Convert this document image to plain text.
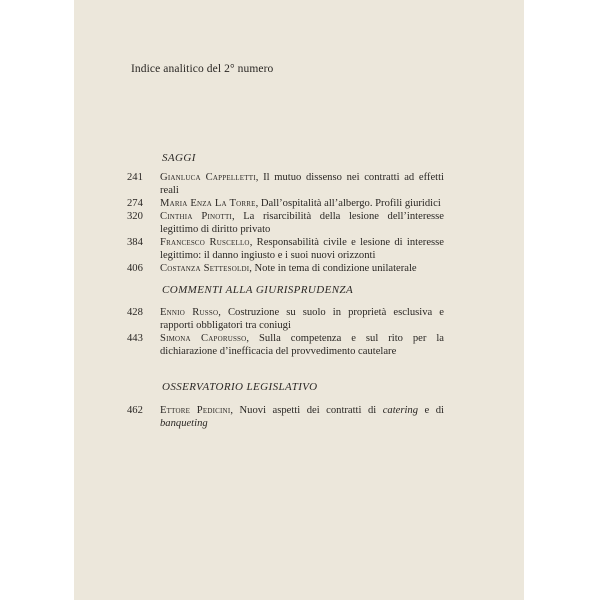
Indice analitico del 2° numero
SAGGI
241	Gianluca Cappelletti, Il mutuo dissenso nei contratti ad effetti reali
274	Maria Enza La Torre, Dall’ospitalità all’albergo. Profili giuridici
320	Cinthia Pinotti, La risarcibilità della lesione dell’interesse legittimo di diritto privato
384	Francesco Ruscello, Responsabilità civile e lesione di interesse legittimo: il danno ingiusto e i suoi nuovi orizzonti
406	Costanza Settesoldi, Note in tema di condizione unilaterale
COMMENTI ALLA GIURISPRUDENZA
428	Ennio Russo, Costruzione su suolo in proprietà esclusiva e rapporti obbligatori tra coniugi
443	Simona Caporusso, Sulla competenza e sul rito per la dichiarazione d’inefficacia del provvedimento cautelare
OSSERVATORIO LEGISLATIVO
462	Ettore Pedicini, Nuovi aspetti dei contratti di catering e di banqueting
